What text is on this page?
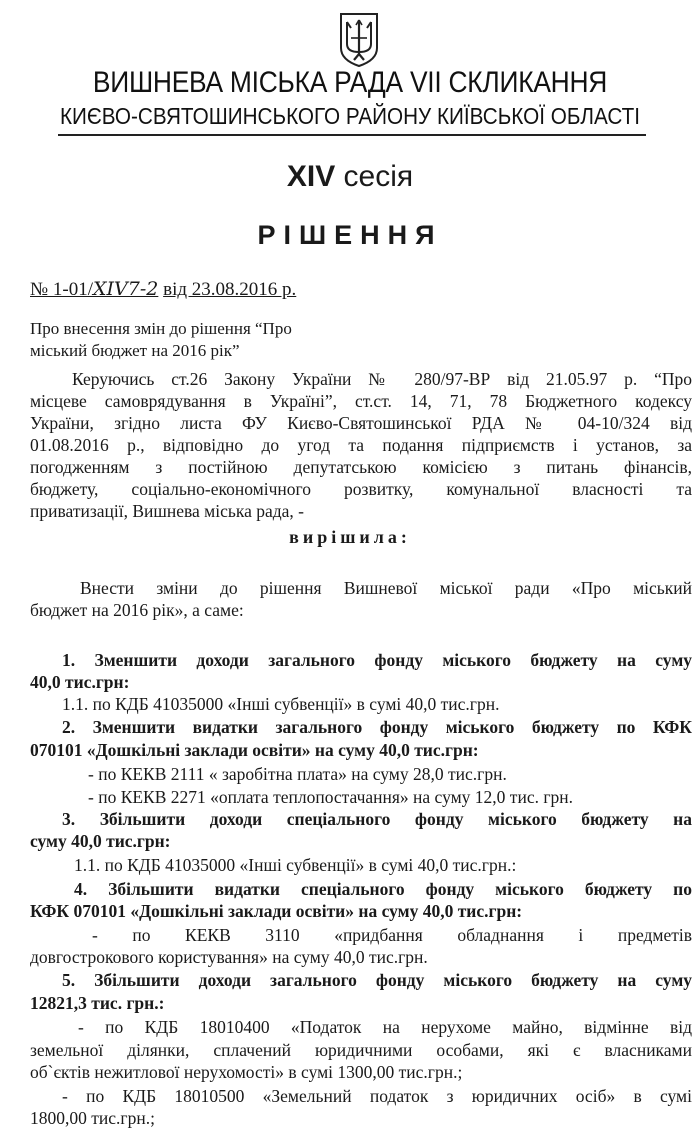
ВИШНЕВА МІСЬКА РАДА VII СКЛИКАННЯ
КИЄВО-СВЯТОШИНСЬКОГО РАЙОНУ КИЇВСЬКОЇ ОБЛАСТІ
XIV сесія
РІШЕННЯ
№ 1-01/XIV7-2 від 23.08.2016 р.
Про внесення змін до рішення “Про міський бюджет на 2016 рік”
Керуючись ст.26 Закону України № 280/97-ВР від 21.05.97 р. “Про
місцеве самоврядування в Україні”, ст.ст. 14, 71, 78 Бюджетного кодексу
України, згідно листа ФУ Києво-Святошинської РДА № 04-10/324 від
01.08.2016 р., відповідно до угод та подання підприємств і установ, за
погодженням з постійною депутатською комісією з питань фінансів,
бюджету, соціально-економічного розвитку, комунальної власності та
приватизації, Вишнева міська рада, -
вирішила:
Внести зміни до рішення Вишневої міської ради «Про міський
бюджет на 2016 рік», а саме:
1. Зменшити доходи загального фонду міського бюджету на суму
40,0 тис.грн:
1.1. по КДБ 41035000 «Інші субвенції» в сумі 40,0 тис.грн.
2. Зменшити видатки загального фонду міського бюджету по КФК
070101 «Дошкільні заклади освіти» на суму 40,0 тис.грн:
- по КЕКВ 2111 « заробітна плата» на суму 28,0 тис.грн.
- по КЕКВ 2271 «оплата теплопостачання» на суму 12,0 тис. грн.
3. Збільшити доходи спеціального фонду міського бюджету на
суму 40,0 тис.грн:
1.1. по КДБ 41035000 «Інші субвенції» в сумі 40,0 тис.грн.:
4. Збільшити видатки спеціального фонду міського бюджету по
КФК 070101 «Дошкільні заклади освіти» на суму 40,0 тис.грн:
- по КЕКВ 3110 «придбання обладнання і предметів
довгострокового користування» на суму 40,0 тис.грн.
5. Збільшити доходи загального фонду міського бюджету на суму
12821,3 тис. грн.:
- по КДБ 18010400 «Податок на нерухоме майно, відмінне від
земельної ділянки, сплачений юридичними особами, які є власниками
об`єктів нежитлової нерухомості» в сумі 1300,00 тис.грн.;
- по КДБ 18010500 «Земельний податок з юридичних осіб» в сумі
1800,00 тис.грн.;
